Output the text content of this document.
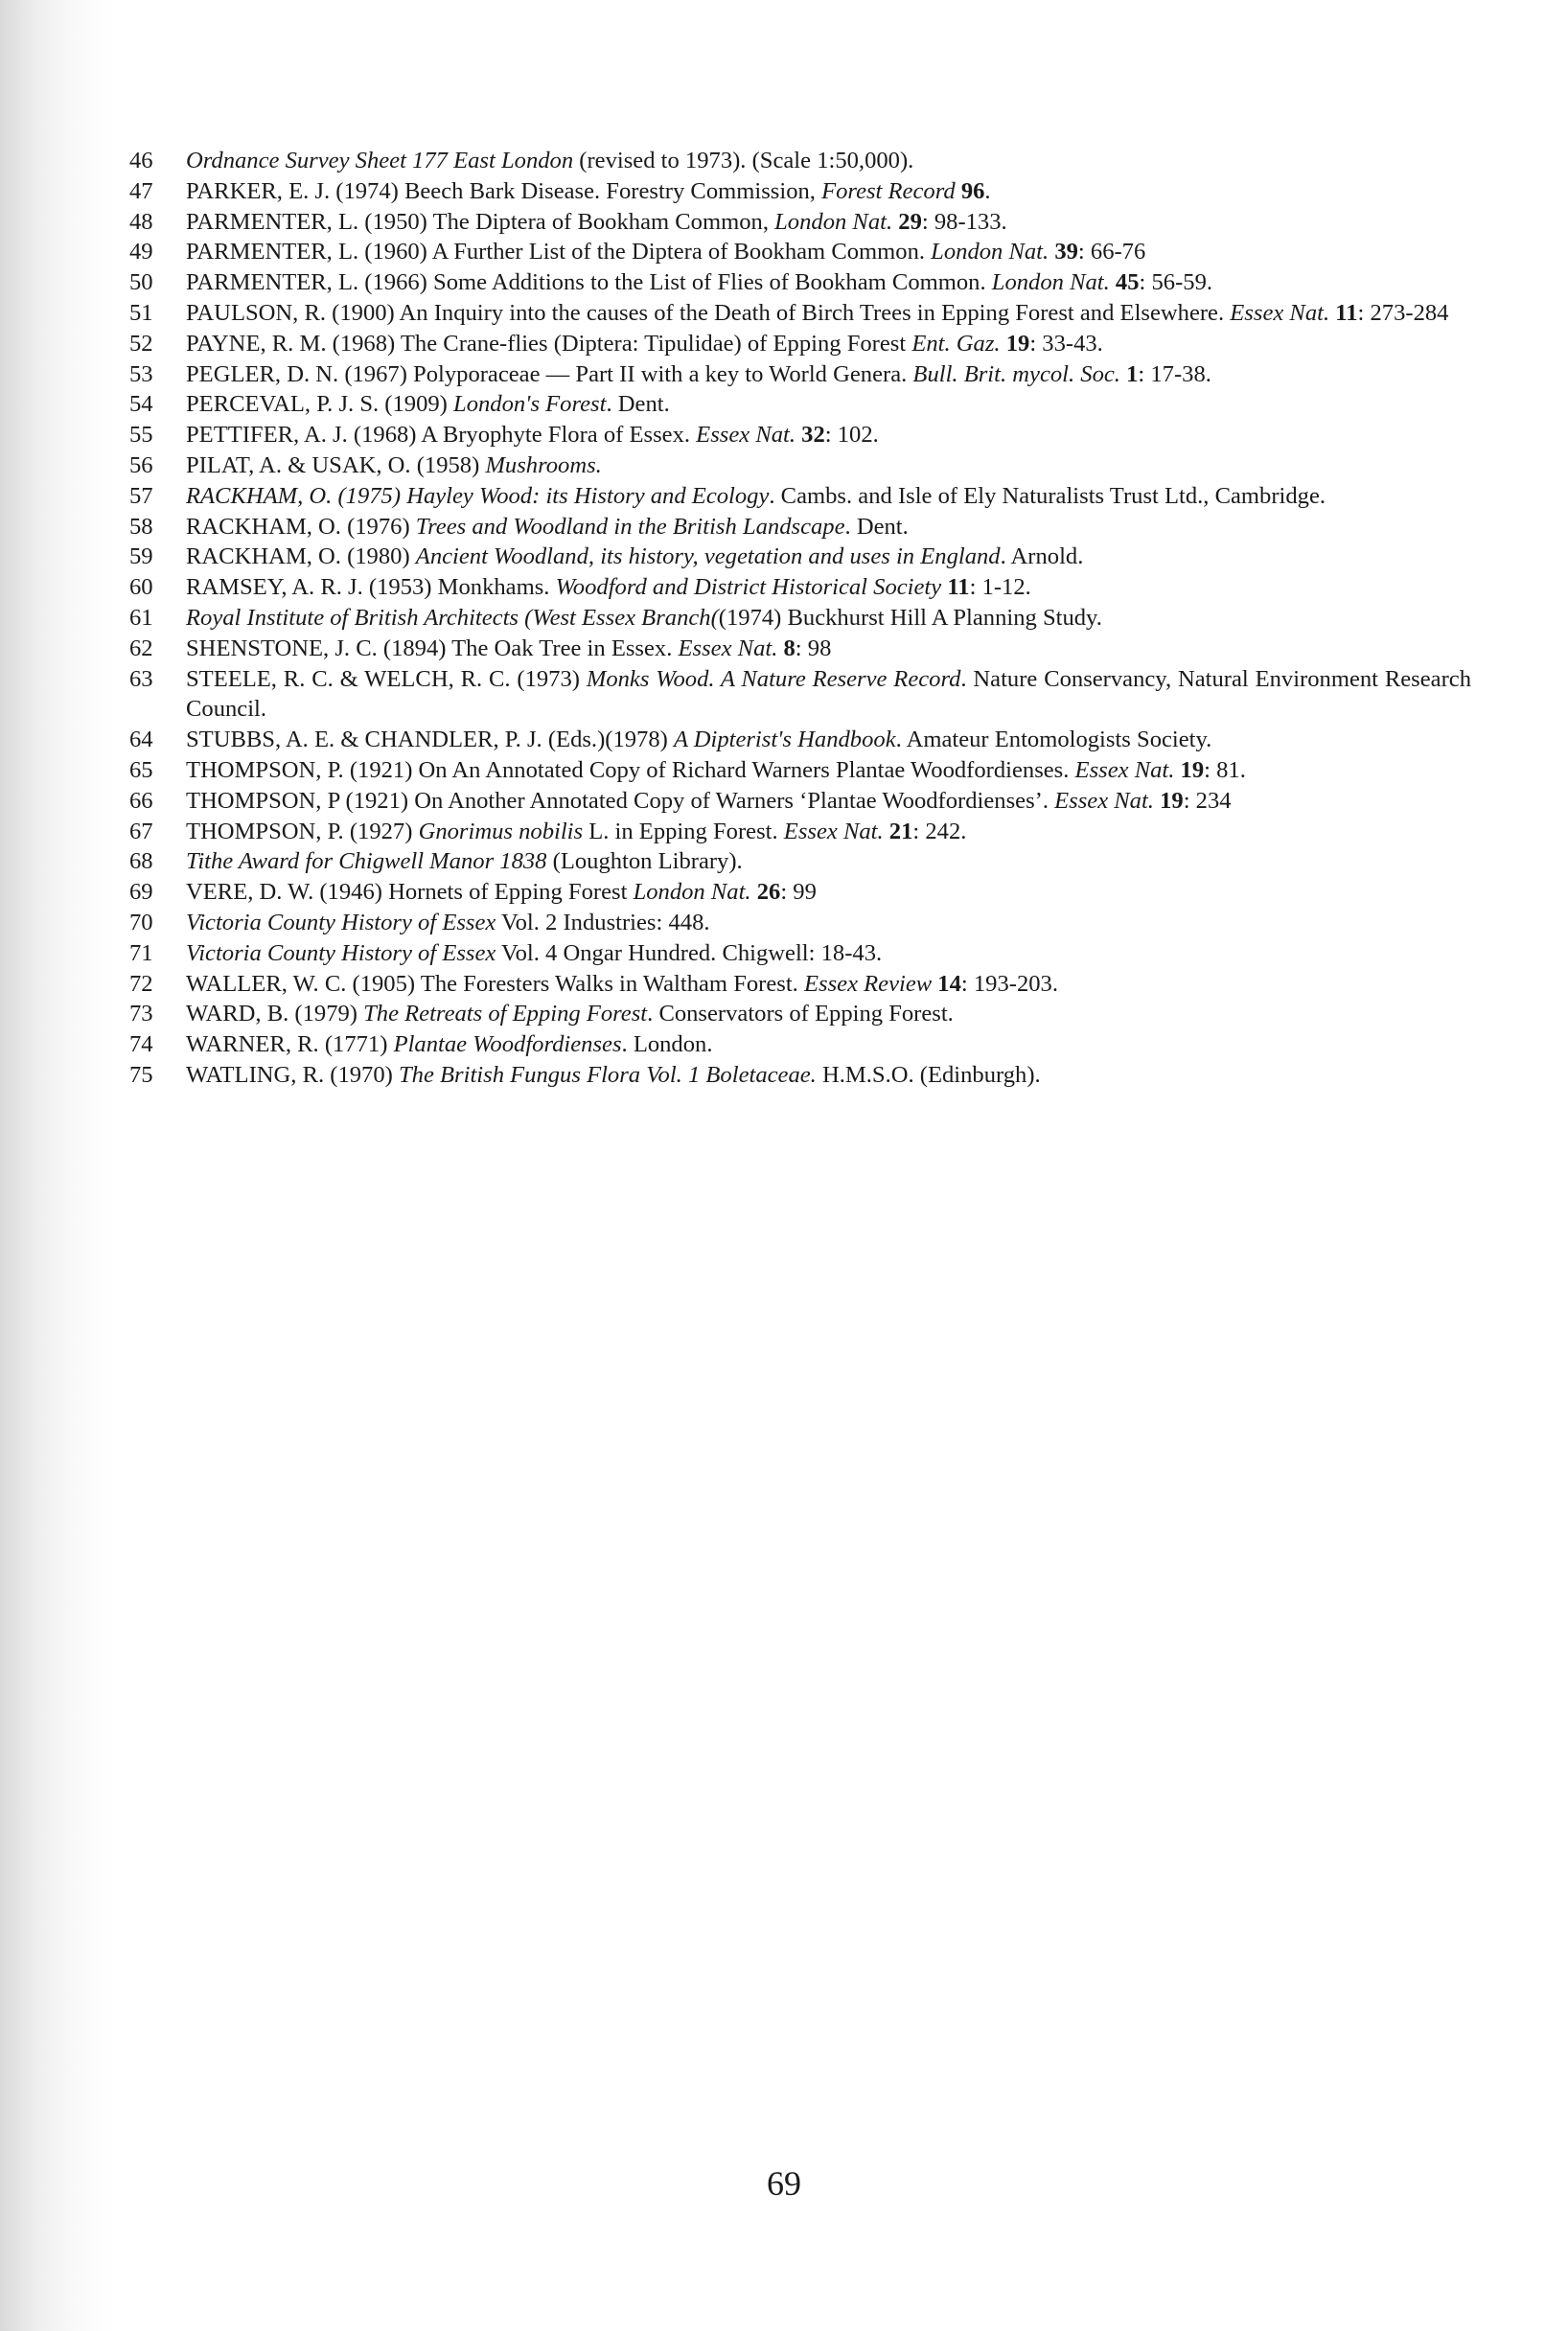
46	Ordnance Survey Sheet 177 East London (revised to 1973). (Scale 1:50,000).
47	PARKER, E. J. (1974) Beech Bark Disease. Forestry Commission, Forest Record 96.
48	PARMENTER, L. (1950) The Diptera of Bookham Common, London Nat. 29: 98-133.
49	PARMENTER, L. (1960) A Further List of the Diptera of Bookham Common. London Nat. 39: 66-76
50	PARMENTER, L. (1966) Some Additions to the List of Flies of Bookham Common. London Nat. 45: 56-59.
51	PAULSON, R. (1900) An Inquiry into the causes of the Death of Birch Trees in Epping Forest and Elsewhere. Essex Nat. 11: 273-284
52	PAYNE, R. M. (1968) The Crane-flies (Diptera: Tipulidae) of Epping Forest Ent. Gaz. 19: 33-43.
53	PEGLER, D. N. (1967) Polyporaceae — Part II with a key to World Genera. Bull. Brit. mycol. Soc. 1: 17-38.
54	PERCEVAL, P. J. S. (1909) London's Forest. Dent.
55	PETTIFER, A. J. (1968) A Bryophyte Flora of Essex. Essex Nat. 32: 102.
56	PILAT, A. & USAK, O. (1958) Mushrooms.
57	RACKHAM, O. (1975) Hayley Wood: its History and Ecology. Cambs. and Isle of Ely Naturalists Trust Ltd., Cambridge.
58	RACKHAM, O. (1976) Trees and Woodland in the British Landscape. Dent.
59	RACKHAM, O. (1980) Ancient Woodland, its history, vegetation and uses in England. Arnold.
60	RAMSEY, A. R. J. (1953) Monkhams. Woodford and District Historical Society 11: 1-12.
61	Royal Institute of British Architects (West Essex Branch((1974) Buckhurst Hill A Planning Study.
62	SHENSTONE, J. C. (1894) The Oak Tree in Essex. Essex Nat. 8: 98
63	STEELE, R. C. & WELCH, R. C. (1973) Monks Wood. A Nature Reserve Record. Nature Conservancy, Natural Environment Research Council.
64	STUBBS, A. E. & CHANDLER, P. J. (Eds.)(1978) A Dipterist's Handbook. Amateur Entomologists Society.
65	THOMPSON, P. (1921) On An Annotated Copy of Richard Warners Plantae Woodfordienses. Essex Nat. 19: 81.
66	THOMPSON, P (1921) On Another Annotated Copy of Warners ‘Plantae Woodfordienses’. Essex Nat. 19: 234
67	THOMPSON, P. (1927) Gnorimus nobilis L. in Epping Forest. Essex Nat. 21: 242.
68	Tithe Award for Chigwell Manor 1838 (Loughton Library).
69	VERE, D. W. (1946) Hornets of Epping Forest London Nat. 26: 99
70	Victoria County History of Essex Vol. 2 Industries: 448.
71	Victoria County History of Essex Vol. 4 Ongar Hundred. Chigwell: 18-43.
72	WALLER, W. C. (1905) The Foresters Walks in Waltham Forest. Essex Review 14: 193-203.
73	WARD, B. (1979) The Retreats of Epping Forest. Conservators of Epping Forest.
74	WARNER, R. (1771) Plantae Woodfordienses. London.
75	WATLING, R. (1970) The British Fungus Flora Vol. 1 Boletaceae. H.M.S.O. (Edinburgh).
69
